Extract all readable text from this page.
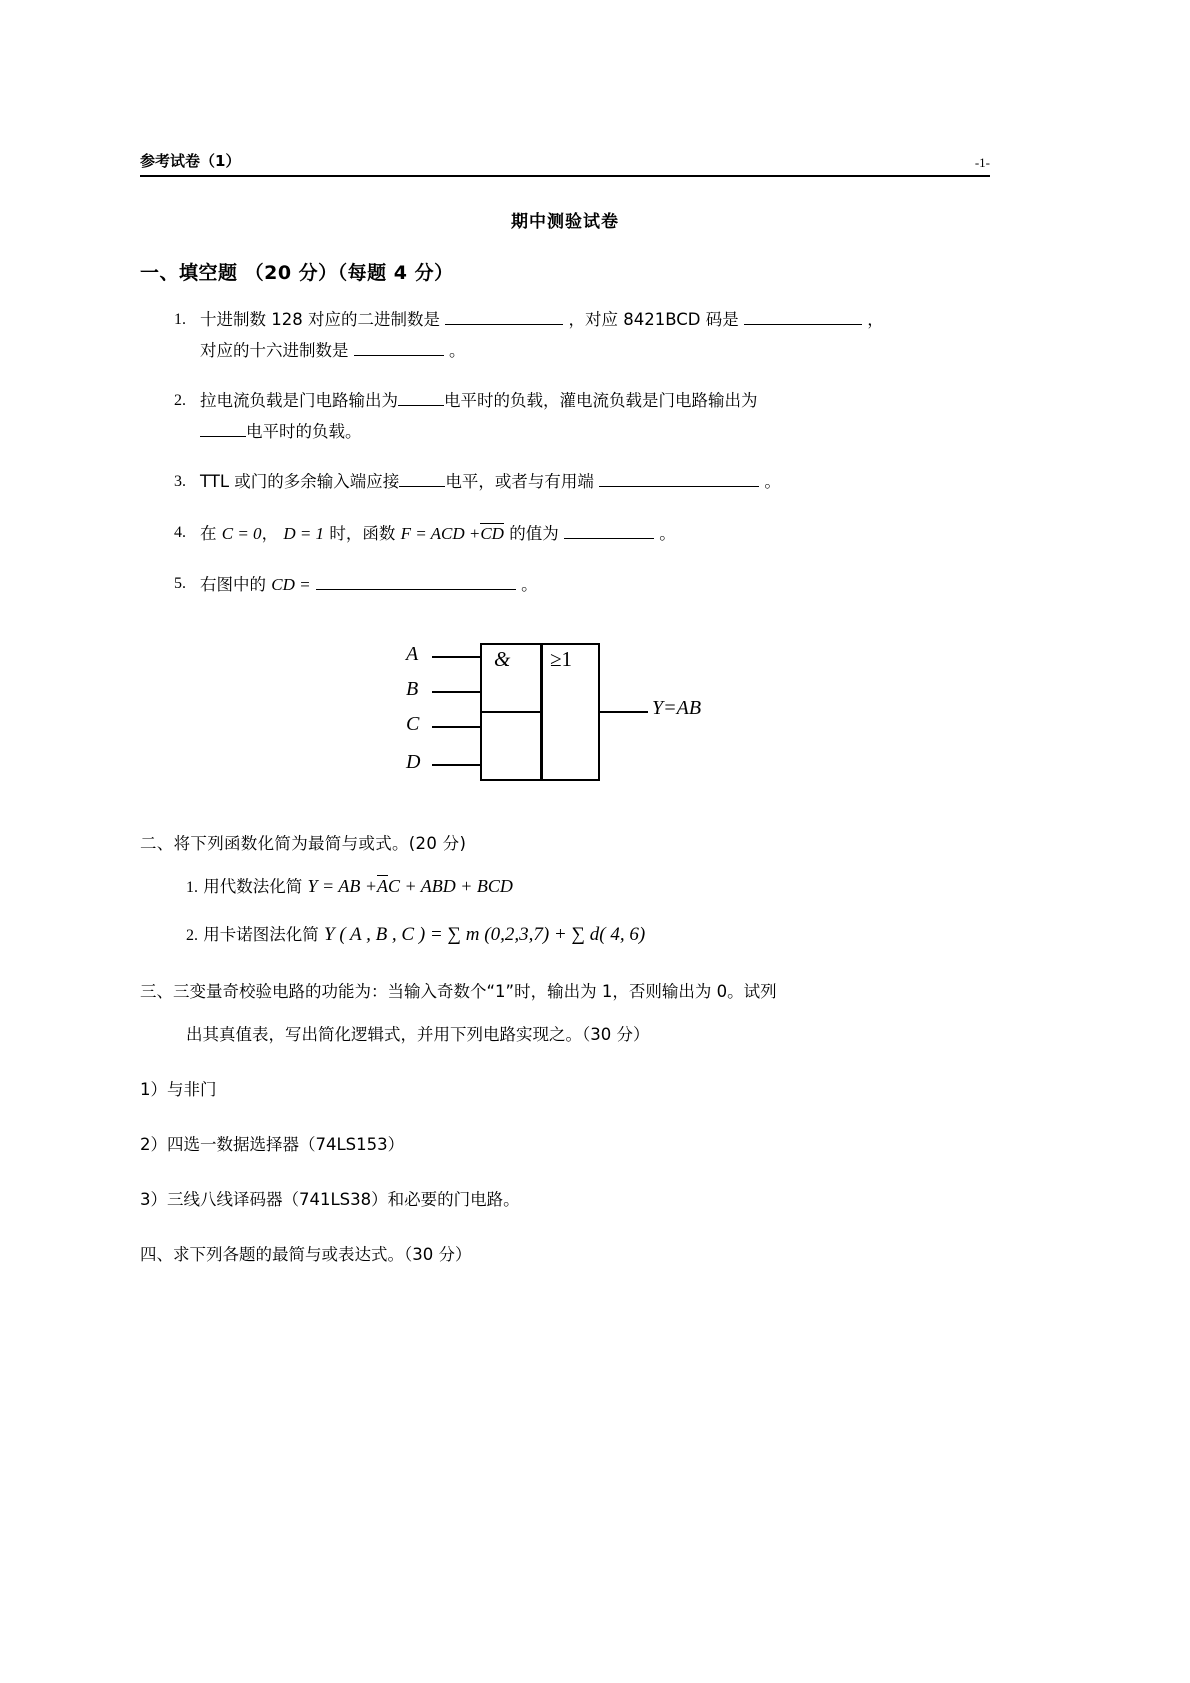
参考试卷（1）	-1-
期中测验试卷
一、填空题 （20 分）（每题 4 分）
1. 十进制数 128 对应的二进制数是	，对应 8421BCD 码是	，
对应的十六进制数是	。
2. 拉电流负载是门电路输出为	电平时的负载，灌电流负载是门电路输出为
电平时的负载。
3. TTL 或门的多余输入端应接	电平，或者与有用端	。
4. 在 C = 0， D = 1 时，函数 F = ACD +CD 的值为	。
5. 右图中的 CD =	。
A
B
C
D
& ≥1
Y=AB
二、将下列函数化简为最简与或式。(20 分)
1. 用代数法化简 Y = AB +AC + ABD + BCD
2. 用卡诺图法化简 Y ( A , B , C ) = ∑ m (0,2,3,7) + ∑ d( 4, 6)
三、三变量奇校验电路的功能为：当输入奇数个“1”时，输出为 1，否则输出为 0。试列
出其真值表，写出简化逻辑式，并用下列电路实现之。（30 分）
1）与非门
2）四选一数据选择器（74LS153）
3）三线八线译码器（741LS38）和必要的门电路。
四、求下列各题的最简与或表达式。（30 分）
